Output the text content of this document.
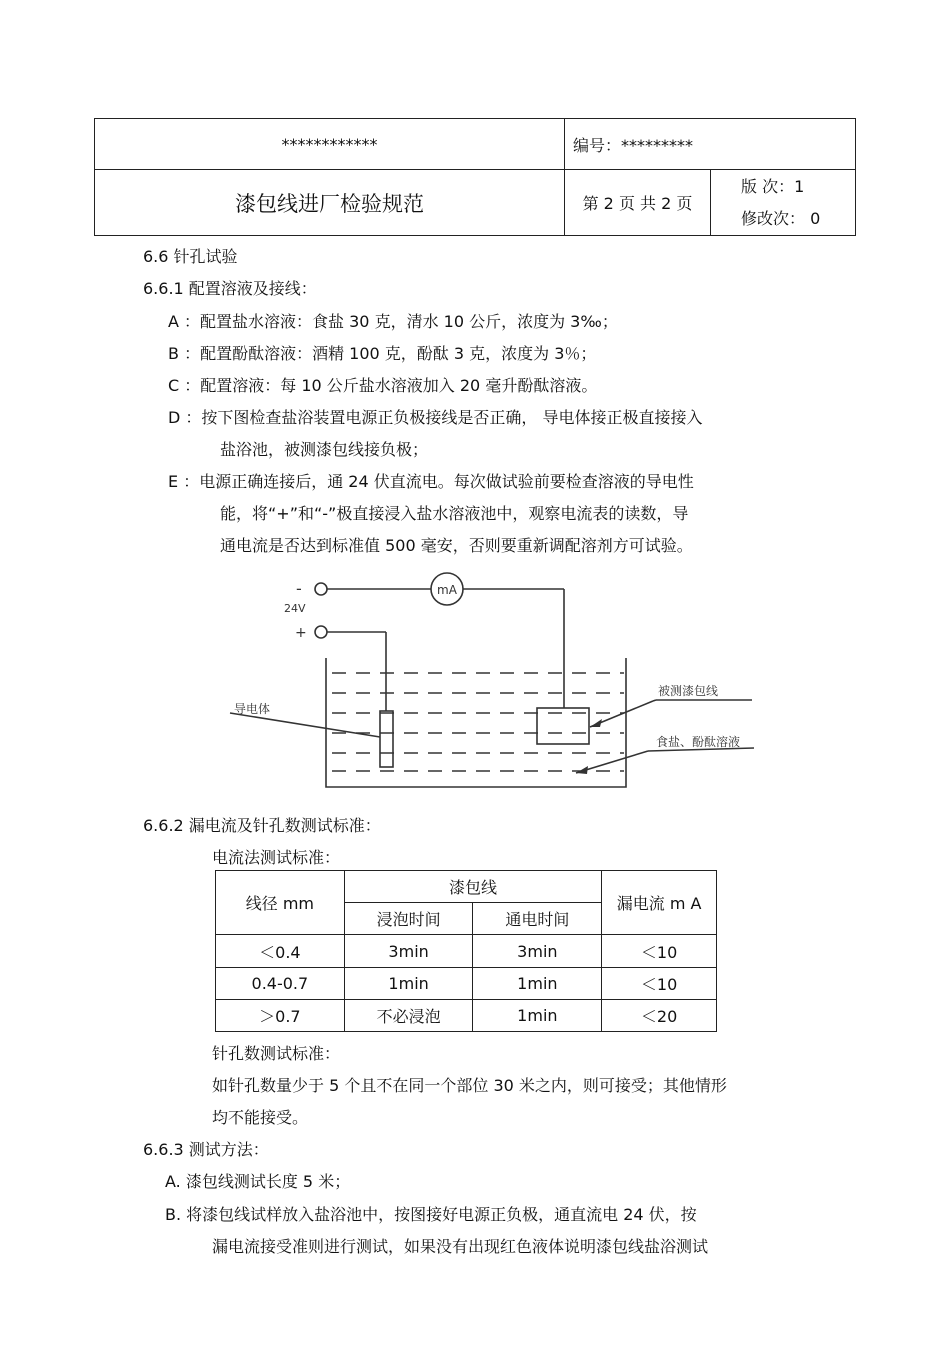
************	编号：*********	
漆包线进厂检验规范	第 2 页 共 2 页	版 次：1
修改次： 0
6.6 针孔试验
6.6.1 配置溶液及接线：
A ：配置盐水溶液：食盐 30 克，清水 10 公斤，浓度为 3‰；
B ：配置酚酞溶液：酒精 100 克，酚酞 3 克，浓度为 3％；
C ：配置溶液：每 10 公斤盐水溶液加入 20 毫升酚酞溶液。
D ：按下图检查盐浴装置电源正负极接线是否正确， 导电体接正极直接接入
盐浴池，被测漆包线接负极；
E ：电源正确连接后，通 24 伏直流电。每次做试验前要检查溶液的导电性
能，将“+”和“-”极直接浸入盐水溶液池中，观察电流表的读数，导
通电流是否达到标准值 500 毫安，否则要重新调配溶剂方可试验。
-
24V
+
mA
导电体
被测漆包线
食盐、酚酞溶液
6.6.2 漏电流及针孔数测试标准：
电流法测试标准：
线径 mm	漆包线		漏电流 m A
	浸泡时间	通电时间	
＜0.4	3min	3min	＜10
0.4-0.7	1min	1min	＜10
＞0.7	不必浸泡	1min	＜20
针孔数测试标准：
如针孔数量少于 5 个且不在同一个部位 30 米之内，则可接受；其他情形
均不能接受。
6.6.3 测试方法：
A. 漆包线测试长度 5 米；
B. 将漆包线试样放入盐浴池中，按图接好电源正负极，通直流电 24 伏，按
漏电流接受准则进行测试，如果没有出现红色液体说明漆包线盐浴测试
